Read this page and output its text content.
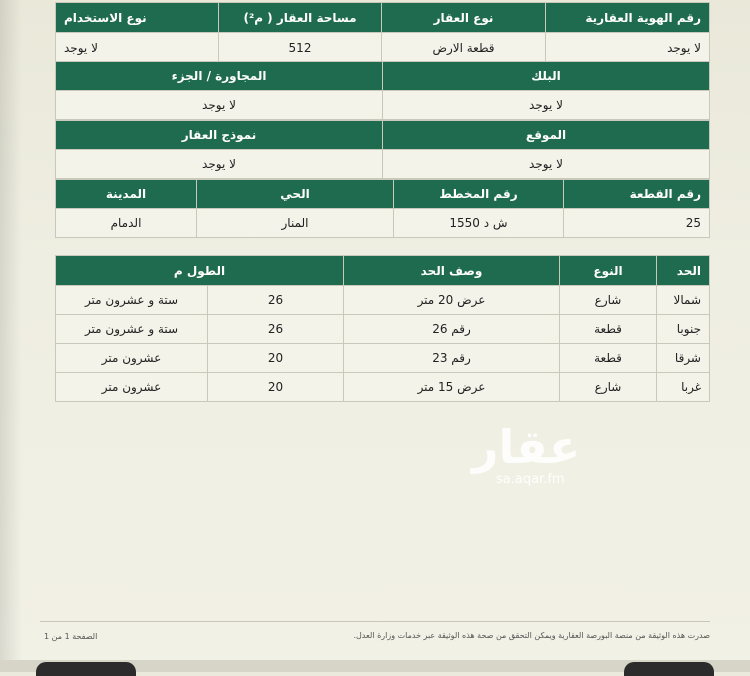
رقم الهوية العقارية	نوع العقار	مساحة العقار ( م²)	نوع الاستخدام
لا يوجد	قطعة الارض	512	لا يوجد
البلك	المجاورة / الجزء
لا يوجد	لا يوجد
الموقع	نموذج العقار
لا يوجد	لا يوجد
رقم القطعة	رقم المخطط	الحي	المدينة
25	ش د 1550	المنار	الدمام
الحد	النوع	وصف الحد	الطول م	
شمالا	شارع	عرض 20 متر	26	ستة و عشرون متر
جنوبا	قطعة	رقم 26	26	ستة و عشرون متر
شرقا	قطعة	رقم 23	20	عشرون متر
غربا	شارع	عرض 15 متر	20	عشرون متر
عقار
sa.aqar.fm
صدرت هذه الوثيقة من منصة البورصة العقارية ويمكن التحقق من صحة هذه الوثيقة عبر خدمات وزارة العدل.
الصفحة 1 من 1
